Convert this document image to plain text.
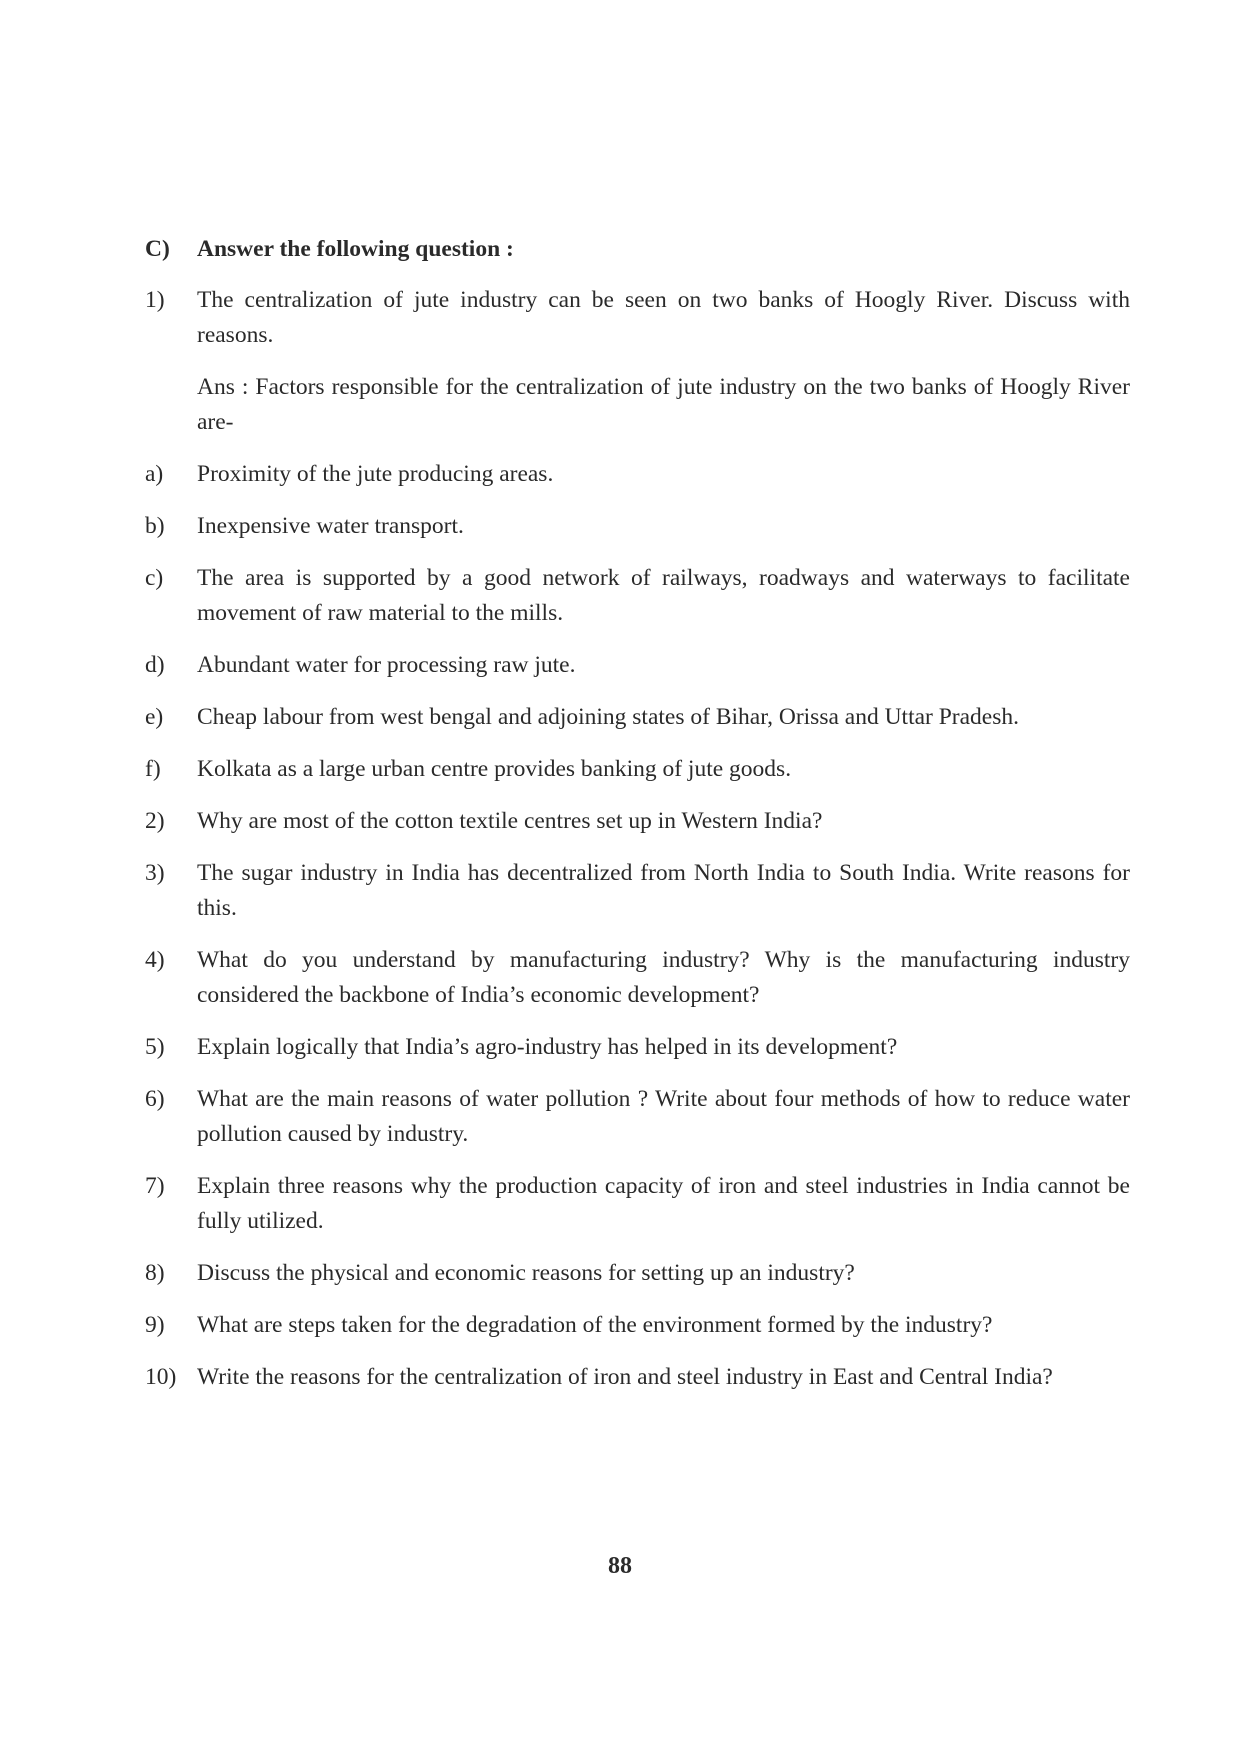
C)	Answer the following question :
1)	The centralization of jute industry can be seen on two banks of Hoogly River. Discuss with reasons.
Ans : Factors responsible for the centralization of jute industry on the two banks of Hoogly River are-
a)	Proximity of the jute producing areas.
b)	Inexpensive water transport.
c)	The area is supported by a good network of railways, roadways and waterways to facilitate movement of raw material to the mills.
d)	Abundant water for processing raw jute.
e)	Cheap labour from west bengal and adjoining states of Bihar, Orissa and Uttar Pradesh.
f)	Kolkata as a large urban centre provides banking of jute goods.
2)	Why are most of the cotton textile centres set up in Western India?
3)	The sugar industry in India has decentralized from North India to South India. Write reasons for this.
4)	What do you understand by manufacturing industry? Why is the manufacturing industry considered the backbone of India’s economic development?
5)	Explain logically that India’s agro-industry has helped in its development?
6)	What are the main reasons of water pollution ? Write about four methods of how to reduce water pollution caused by industry.
7)	Explain three reasons why the production capacity of iron and steel industries in India cannot be fully utilized.
8)	Discuss the physical and economic reasons for setting up an industry?
9)	What are steps taken for the degradation of the environment formed by the industry?
10) Write the reasons for the centralization of iron and steel industry in East and Central India?
88
